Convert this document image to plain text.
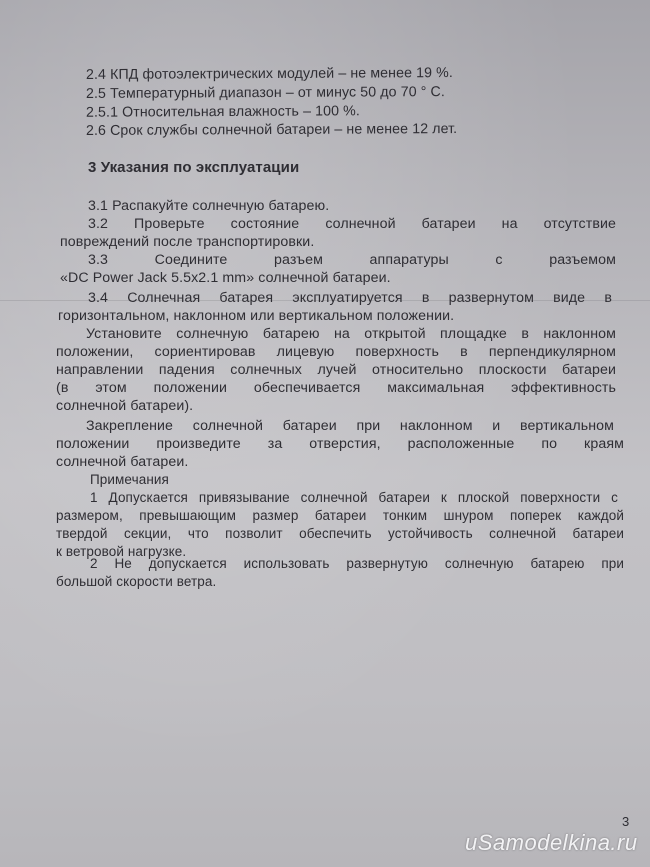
2.4 КПД фотоэлектрических модулей – не менее 19 %.
2.5 Температурный диапазон – от минус 50 до 70 ° С.
2.5.1 Относительная влажность – 100 %.
2.6 Срок службы солнечной батареи – не менее 12 лет.
3 Указания по эксплуатации
3.1 Распакуйте солнечную батарею.
3.2 Проверьте состояние солнечной батареи на отсутствие
повреждений после транспортировки.
3.3 Соедините разъем аппаратуры с разъемом
«DC Power Jack 5.5x2.1 mm» солнечной батареи.
3.4 Солнечная батарея эксплуатируется в развернутом виде в
горизонтальном, наклонном или вертикальном положении.
Установите солнечную батарею на открытой площадке в наклонном
положении, сориентировав лицевую поверхность в перпендикулярном
направлении падения солнечных лучей относительно плоскости батареи
(в этом положении обеспечивается максимальная эффективность
солнечной батареи).
Закрепление солнечной батареи при наклонном и вертикальном
положении произведите за отверстия, расположенные по краям
солнечной батареи.
Примечания
1 Допускается привязывание солнечной батареи к плоской поверхности с
размером, превышающим размер батареи тонким шнуром поперек каждой
твердой секции, что позволит обеспечить устойчивость солнечной батареи
к ветровой нагрузке.
2 Не допускается использовать развернутую солнечную батарею при
большой скорости ветра.
3
uSamodelkina.ru
